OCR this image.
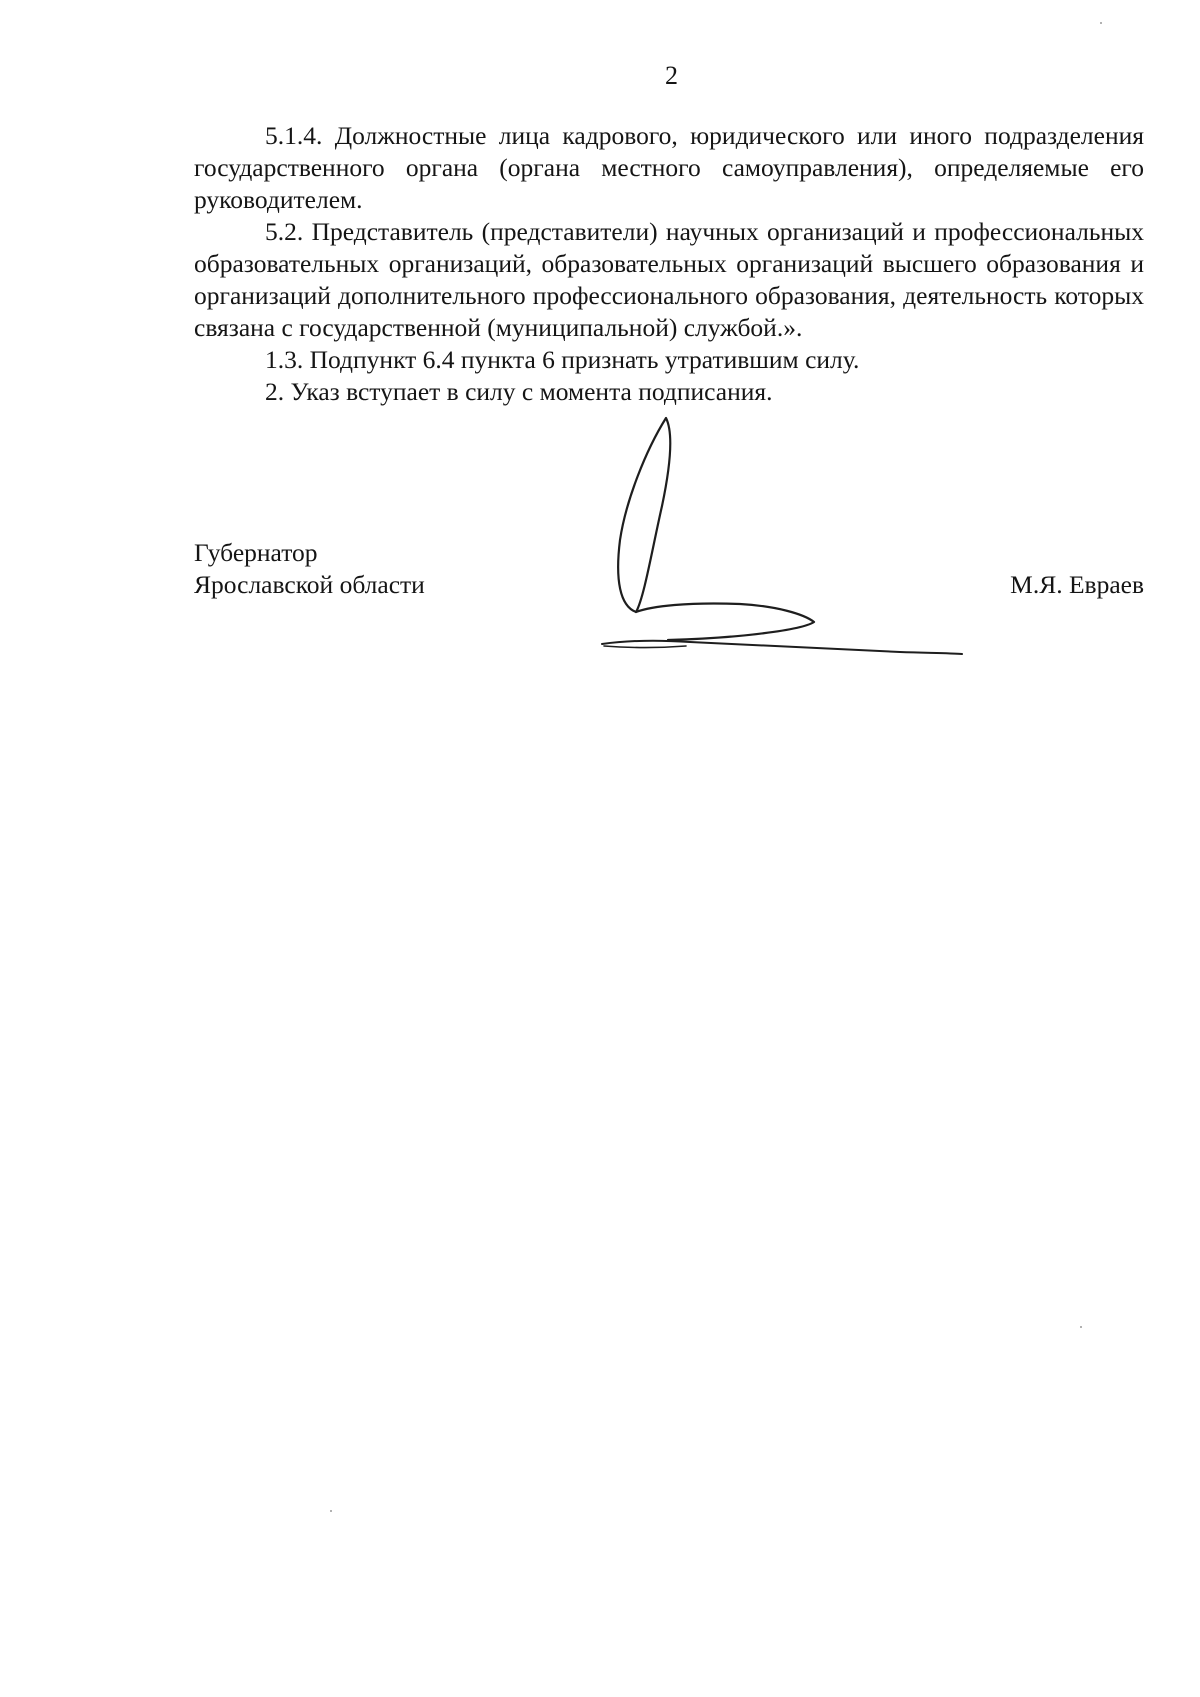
2

5.1.4. Должностные лица кадрового, юридического или иного подразделения государственного органа (органа местного самоуправления), определяемые его руководителем.

5.2. Представитель (представители) научных организаций и профессиональных образовательных организаций, образовательных организаций высшего образования и организаций дополнительного профессионального образования, деятельность которых связана с государственной (муниципальной) службой.».

1.3. Подпункт 6.4 пункта 6 признать утратившим силу.

2. Указ вступает в силу с момента подписания.

Губернатор
Ярославской области	М.Я. Евраев
